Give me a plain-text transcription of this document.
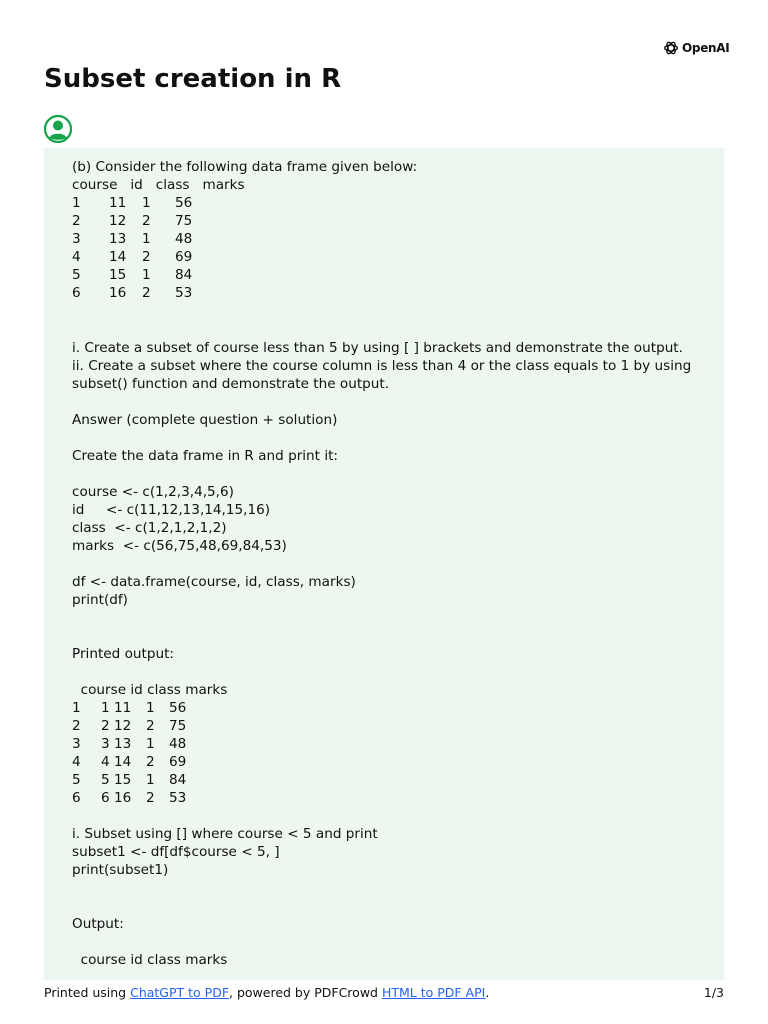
OpenAI
Subset creation in R
(b) Consider the following data frame given below:
course   id   class   marks
1 11 1 56
2 12 2 75
3 13 1 48
4 14 2 69
5 15 1 84
6 16 2 53
i. Create a subset of course less than 5 by using [ ] brackets and demonstrate the output.
ii. Create a subset where the course column is less than 4 or the class equals to 1 by using
subset() function and demonstrate the output.
Answer (complete question + solution)
Create the data frame in R and print it:
course <- c(1,2,3,4,5,6)
id     <- c(11,12,13,14,15,16)
class  <- c(1,2,1,2,1,2)
marks  <- c(56,75,48,69,84,53)
df <- data.frame(course, id, class, marks)
print(df)
Printed output:
course id class marks
1 1 11 1 56
2 2 12 2 75
3 3 13 1 48
4 4 14 2 69
5 5 15 1 84
6 6 16 2 53
i. Subset using [] where course < 5 and print
subset1 <- df[df$course < 5, ]
print(subset1)
Output:
course id class marks
Printed using ChatGPT to PDF, powered by PDFCrowd HTML to PDF API.	1/3
